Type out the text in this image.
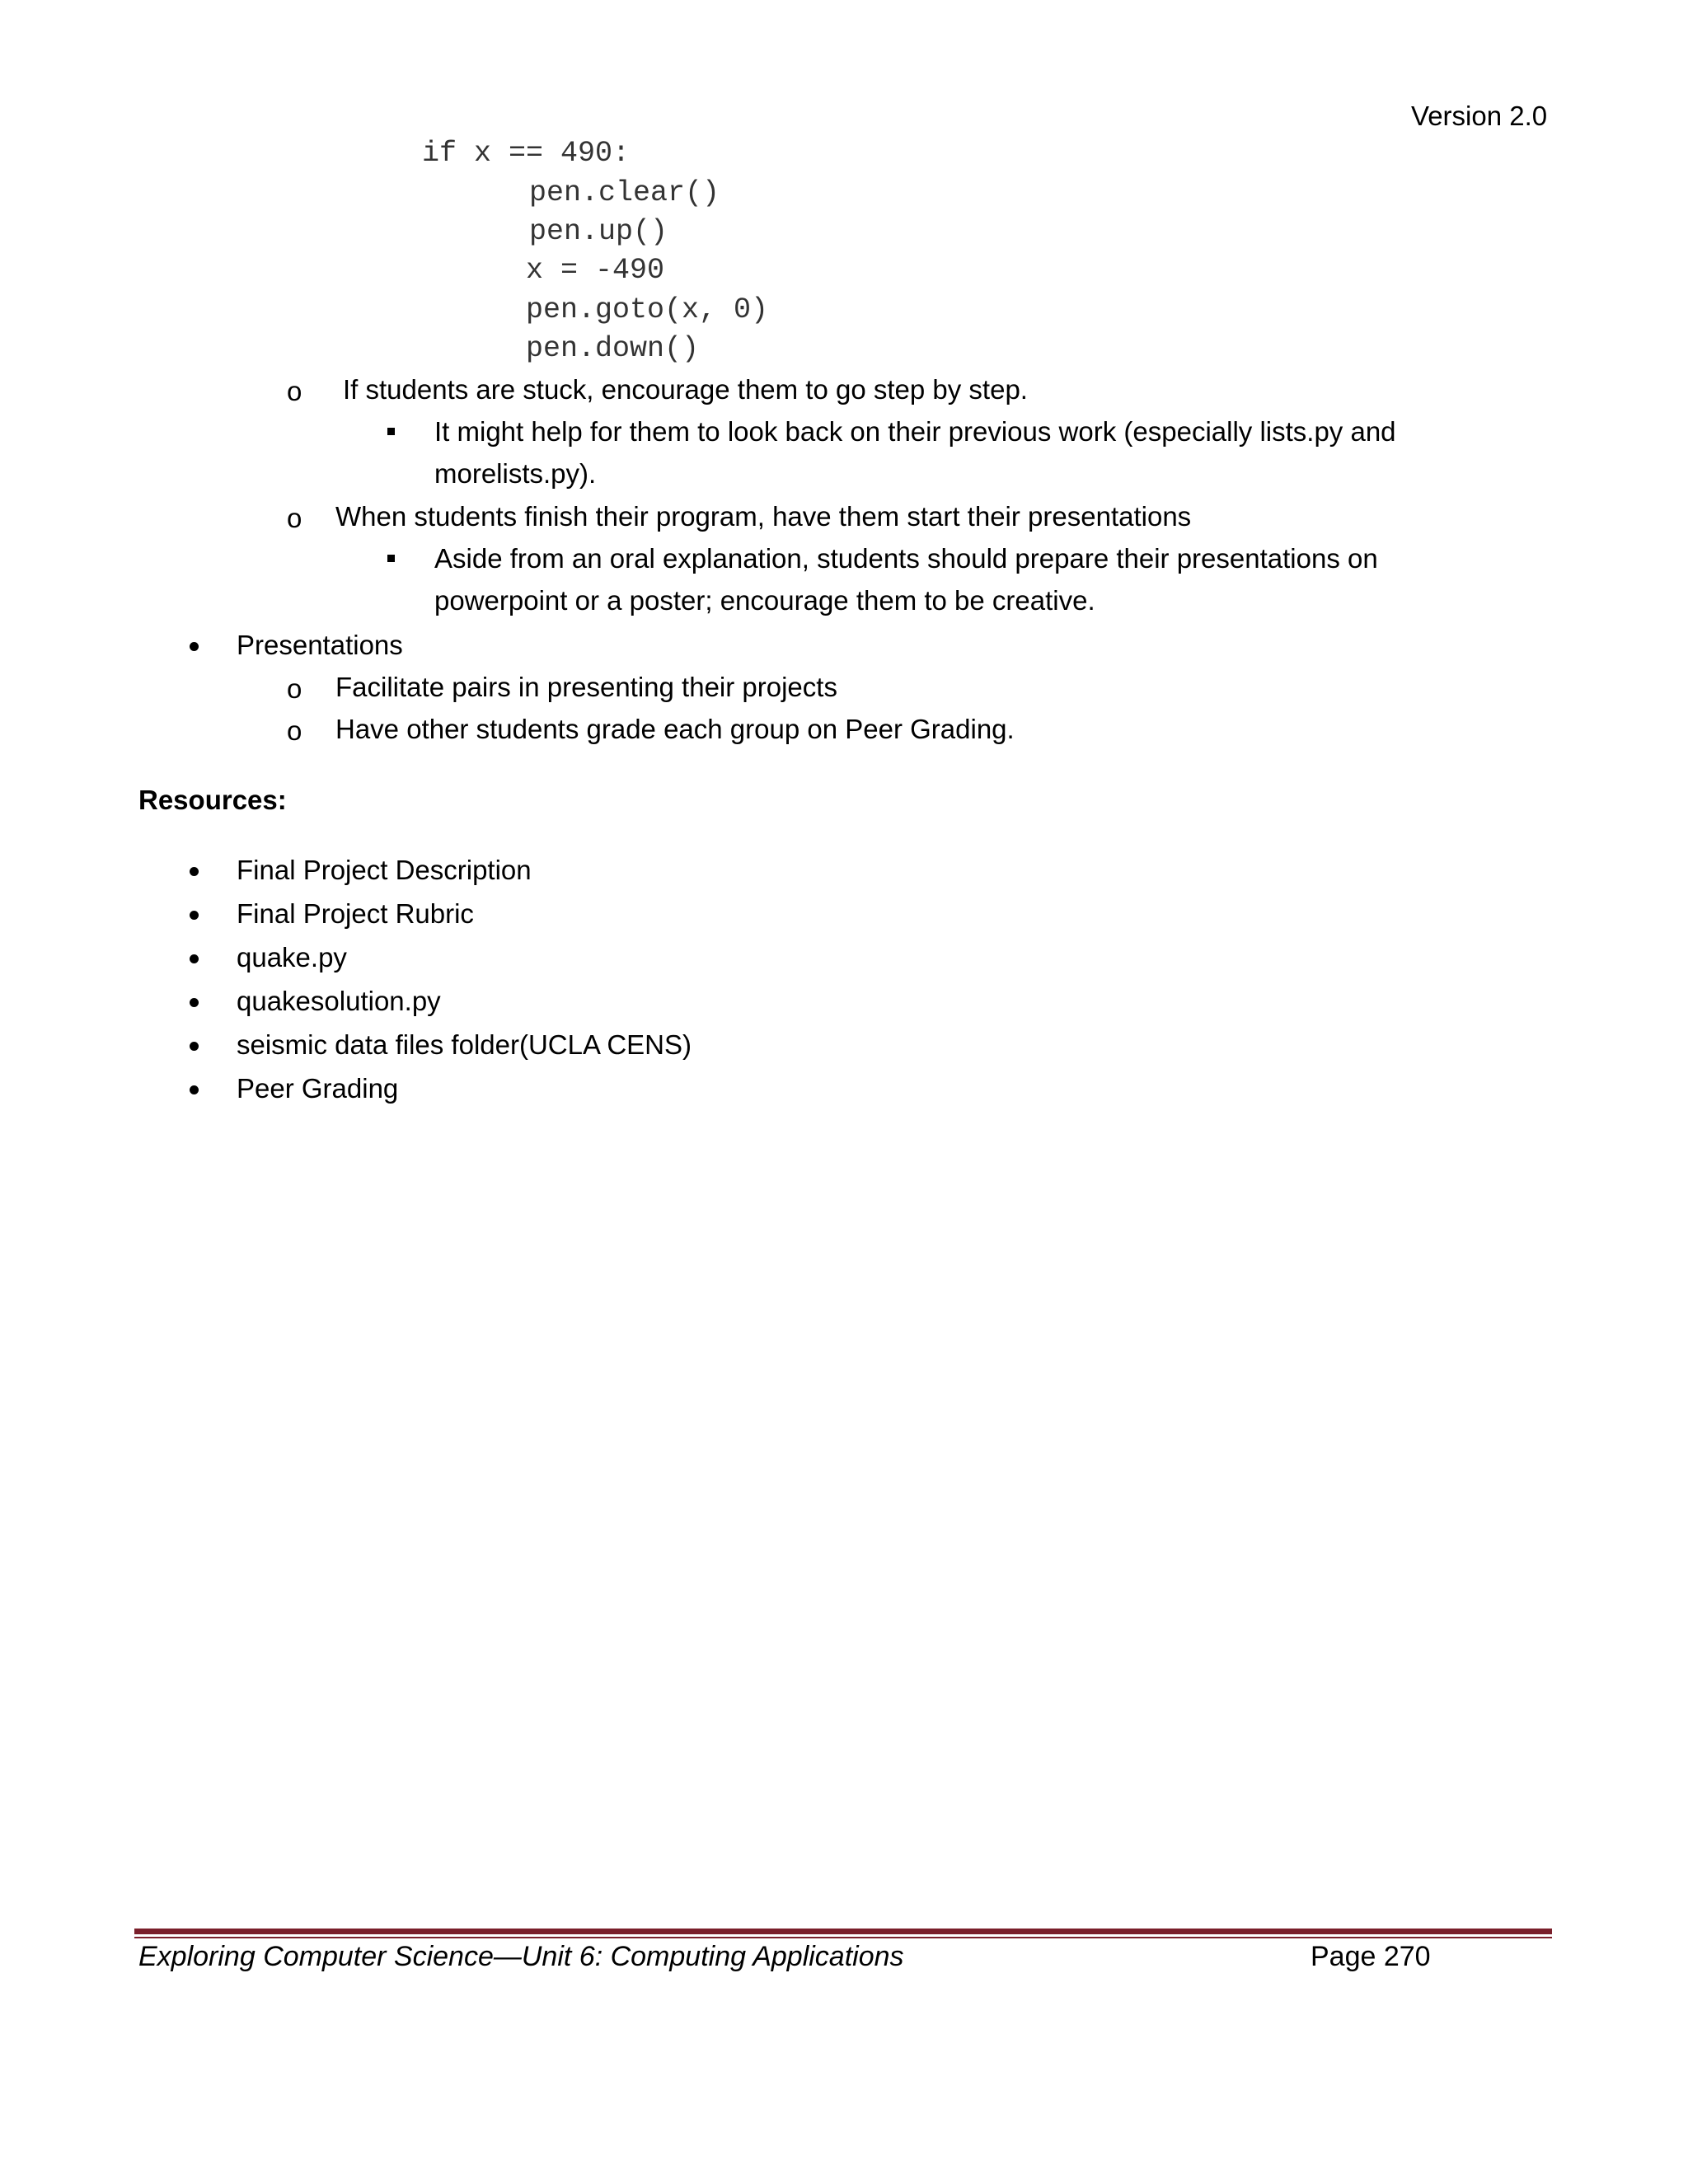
Version 2.0
if x == 490:
pen.clear()
pen.up()
x = -490
pen.goto(x, 0)
pen.down()
o If students are stuck, encourage them to go step by step.
It might help for them to look back on their previous work (especially lists.py and
morelists.py).
o When students finish their program, have them start their presentations
Aside from an oral explanation, students should prepare their presentations on
powerpoint or a poster; encourage them to be creative.
Presentations
o Facilitate pairs in presenting their projects
o Have other students grade each group on Peer Grading.
Resources:
Final Project Description
Final Project Rubric
quake.py
quakesolution.py
seismic data files folder(UCLA CENS)
Peer Grading
Exploring Computer Science—Unit 6: Computing Applications	Page 270
